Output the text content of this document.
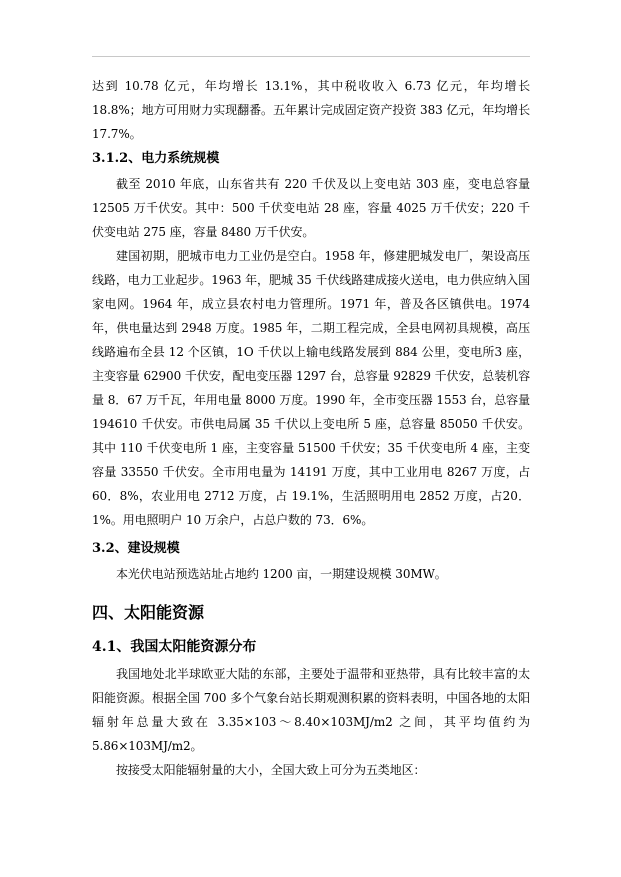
达到 10.78 亿元，年均增长 13.1%，其中税收收入 6.73 亿元，年均增长18.8%；地方可用财力实现翻番。五年累计完成固定资产投资 383 亿元，年均增长17.7%。

3.1.2、电力系统规模

截至 2010 年底，山东省共有 220 千伏及以上变电站 303 座，变电总容量12505 万千伏安。其中：500 千伏变电站 28 座，容量 4025 万千伏安；220 千伏变电站 275 座，容量 8480 万千伏安。

建国初期，肥城市电力工业仍是空白。1958 年，修建肥城发电厂，架设高压线路，电力工业起步。1963 年，肥城 35 千伏线路建成接火送电，电力供应纳入国家电网。1964 年，成立县农村电力管理所。1971 年，普及各区镇供电。1974 年，供电量达到 2948 万度。1985 年，二期工程完成，全县电网初具规模，高压线路遍布全县 12 个区镇，1O 千伏以上输电线路发展到 884 公里，变电所3 座，主变容量 62900 千伏安，配电变压器 1297 台，总容量 92829 千伏安，总装机容量 8．67 万千瓦，年用电量 8000 万度。1990 年，全市变压器 1553 台，总容量 194610 千伏安。市供电局属 35 千伏以上变电所 5 座，总容量 85050 千伏安。其中 110 千伏变电所 1 座，主变容量 51500 千伏安；35 千伏变电所 4 座，主变容量 33550 千伏安。全市用电量为 14191 万度，其中工业用电 8267 万度，占 60．8%，农业用电 2712 万度，占 19.1%，生活照明用电 2852 万度，占20．1%。用电照明户 10 万余户，占总户数的 73．6%。

3.2、建设规模

本光伏电站预选站址占地约 1200 亩，一期建设规模 30MW。

四、太阳能资源
4.1、我国太阳能资源分布

我国地处北半球欧亚大陆的东部，主要处于温带和亚热带，具有比较丰富的太阳能资源。根据全国 700 多个气象台站长期观测积累的资料表明，中国各地的太阳辐射年总量大致在 3.35×103～8.40×103MJ/m2 之间，其平均值约为5.86×103MJ/m2。

按接受太阳能辐射量的大小，全国大致上可分为五类地区：
